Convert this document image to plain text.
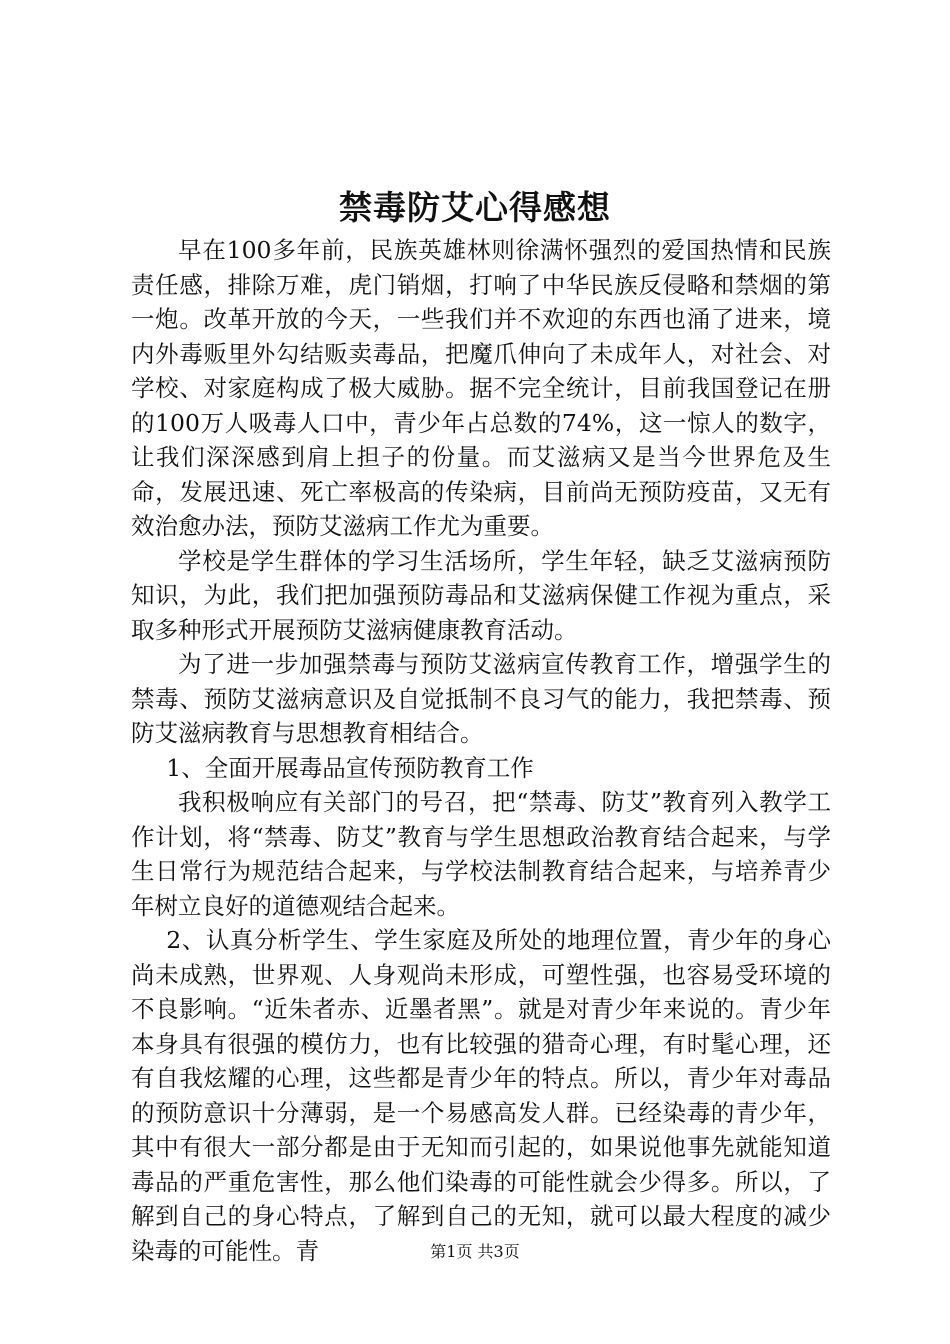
禁毒防艾心得感想

早在100多年前，民族英雄林则徐满怀强烈的爱国热情和民族责任感，排除万难，虎门销烟，打响了中华民族反侵略和禁烟的第一炮。改革开放的今天，一些我们并不欢迎的东西也涌了进来，境内外毒贩里外勾结贩卖毒品，把魔爪伸向了未成年人，对社会、对学校、对家庭构成了极大威胁。据不完全统计，目前我国登记在册的100万人吸毒人口中，青少年占总数的74%，这一惊人的数字，让我们深深感到肩上担子的份量。而艾滋病又是当今世界危及生命，发展迅速、死亡率极高的传染病，目前尚无预防疫苗，又无有效治愈办法，预防艾滋病工作尤为重要。

学校是学生群体的学习生活场所，学生年轻，缺乏艾滋病预防知识，为此，我们把加强预防毒品和艾滋病保健工作视为重点，采取多种形式开展预防艾滋病健康教育活动。

为了进一步加强禁毒与预防艾滋病宣传教育工作，增强学生的禁毒、预防艾滋病意识及自觉抵制不良习气的能力，我把禁毒、预防艾滋病教育与思想教育相结合。

1、全面开展毒品宣传预防教育工作

我积极响应有关部门的号召，把“禁毒、防艾”教育列入教学工作计划，将“禁毒、防艾”教育与学生思想政治教育结合起来，与学生日常行为规范结合起来，与学校法制教育结合起来，与培养青少年树立良好的道德观结合起来。

2、认真分析学生、学生家庭及所处的地理位置，青少年的身心尚未成熟，世界观、人身观尚未形成，可塑性强，也容易受环境的不良影响。“近朱者赤、近墨者黑”。就是对青少年来说的。青少年本身具有很强的模仿力，也有比较强的猎奇心理，有时髦心理，还有自我炫耀的心理，这些都是青少年的特点。所以，青少年对毒品的预防意识十分薄弱，是一个易感高发人群。已经染毒的青少年，其中有很大一部分都是由于无知而引起的，如果说他事先就能知道毒品的严重危害性，那么他们染毒的可能性就会少得多。所以，了解到自己的身心特点，了解到自己的无知，就可以最大程度的减少染毒的可能性。青	第1页 共3页
